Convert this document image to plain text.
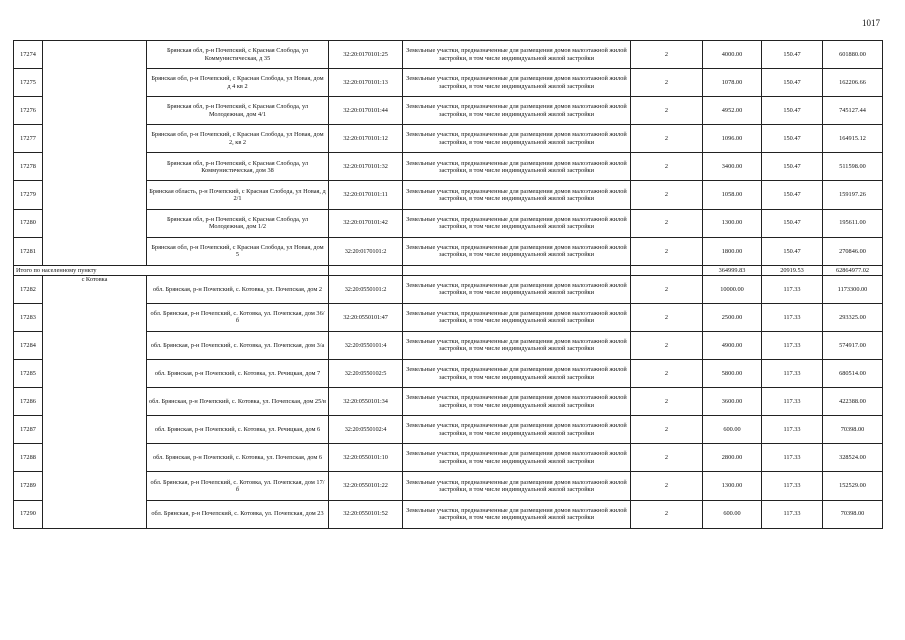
1017
17274		Брянская обл, р-н Почепский, с Красная Слобода, ул Коммунистическая, д 35	32:20:0170101:25	Земельные участки, предназначенные для размещения домов малоэтажной жилой застройки, в том числе индивидуальной жилой застройки	2	4000.00	150.47	601880.00
17275		Брянская обл, р-н Почепский, с Красная Слобода, ул Новая, дом д 4 кв 2	32:20:0170101:13	Земельные участки, предназначенные для размещения домов малоэтажной жилой застройки, в том числе индивидуальной жилой застройки	2	1078.00	150.47	162206.66
17276		Брянская обл, р-н Почепский, с Красная Слобода, ул Молодежная, дом 4/1	32:20:0170101:44	Земельные участки, предназначенные для размещения домов малоэтажной жилой застройки, в том числе индивидуальной жилой застройки	2	4952.00	150.47	745127.44
17277		Брянская обл, р-н Почепский, с Красная Слобода, ул Новая, дом 2, кв 2	32:20:0170101:12	Земельные участки, предназначенные для размещения домов малоэтажной жилой застройки, в том числе индивидуальной жилой застройки	2	1096.00	150.47	164915.12
17278		Брянская обл, р-н Почепский, с Красная Слобода, ул Коммунистическая, дом 38	32:20:0170101:32	Земельные участки, предназначенные для размещения домов малоэтажной жилой застройки, в том числе индивидуальной жилой застройки	2	3400.00	150.47	511598.00
17279		Брянская область, р-н Почепский, с Красная Слобода, ул Новая, д 2/1	32:20:0170101:11	Земельные участки, предназначенные для размещения домов малоэтажной жилой застройки, в том числе индивидуальной жилой застройки	2	1058.00	150.47	159197.26
17280		Брянская обл, р-н Почепский, с Красная Слобода, ул Молодежная, дом 1/2	32:20:0170101:42	Земельные участки, предназначенные для размещения домов малоэтажной жилой застройки, в том числе индивидуальной жилой застройки	2	1300.00	150.47	195611.00
17281		Брянская обл, р-н Почепский, с Красная Слобода, ул Новая, дом 5	32:20:0170101:2	Земельные участки, предназначенные для размещения домов малоэтажной жилой застройки, в том числе индивидуальной жилой застройки	2	1800.00	150.47	270846.00
Итого по населенному пункту						364999.83	20919.53	62864977.02
17282	с Котовка	обл. Брянская, р-н Почепский, с. Котовка, ул. Почепская, дом 2	32:20:0550101:2	Земельные участки, предназначенные для размещения домов малоэтажной жилой застройки, в том числе индивидуальной жилой застройки	2	10000.00	117.33	1173300.00
17283		обл. Брянская, р-н Почепский, с. Котовка, ул. Почепская, дом 36/б	32:20:0550101:47	Земельные участки, предназначенные для размещения домов малоэтажной жилой застройки, в том числе индивидуальной жилой застройки	2	2500.00	117.33	293325.00
17284		обл. Брянская, р-н Почепский, с. Котовка, ул. Почепская, дом 3/а	32:20:0550101:4	Земельные участки, предназначенные для размещения домов малоэтажной жилой застройки, в том числе индивидуальной жилой застройки	2	4900.00	117.33	574917.00
17285		обл. Брянская, р-н Почепский, с. Котовка, ул. Речицкая, дом 7	32:20:0550102:5	Земельные участки, предназначенные для размещения домов малоэтажной жилой застройки, в том числе индивидуальной жилой застройки	2	5800.00	117.33	680514.00
17286		обл. Брянская, р-н Почепский, с. Котовка, ул. Почепская, дом 25/в	32:20:0550101:34	Земельные участки, предназначенные для размещения домов малоэтажной жилой застройки, в том числе индивидуальной жилой застройки	2	3600.00	117.33	422388.00
17287		обл. Брянская, р-н Почепский, с. Котовка, ул. Речицкая, дом 6	32:20:0550102:4	Земельные участки, предназначенные для размещения домов малоэтажной жилой застройки, в том числе индивидуальной жилой застройки	2	600.00	117.33	70398.00
17288		обл. Брянская, р-н Почепский, с. Котовка, ул. Почепская, дом 6	32:20:0550101:10	Земельные участки, предназначенные для размещения домов малоэтажной жилой застройки, в том числе индивидуальной жилой застройки	2	2800.00	117.33	328524.00
17289		обл. Брянская, р-н Почепский, с. Котовка, ул. Почепская, дом 17/б	32:20:0550101:22	Земельные участки, предназначенные для размещения домов малоэтажной жилой застройки, в том числе индивидуальной жилой застройки	2	1300.00	117.33	152529.00
17290		обл. Брянская, р-н Почепский, с. Котовка, ул. Почепская, дом 23	32:20:0550101:52	Земельные участки, предназначенные для размещения домов малоэтажной жилой застройки, в том числе индивидуальной жилой застройки	2	600.00	117.33	70398.00
